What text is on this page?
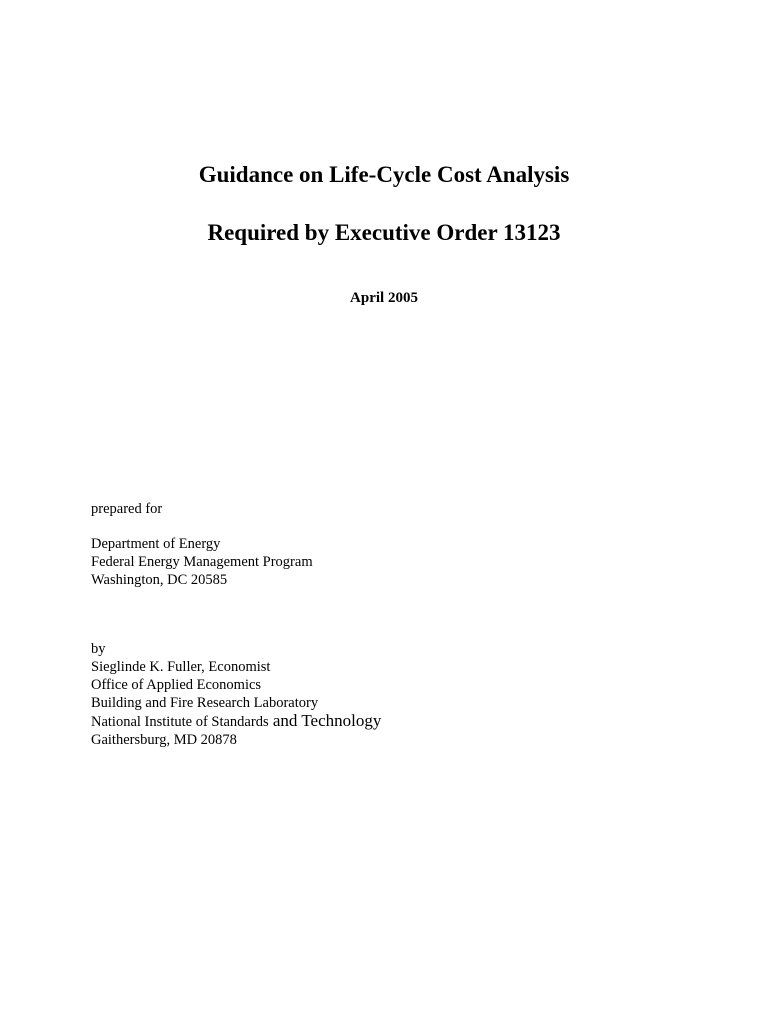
Guidance on Life-Cycle Cost Analysis
Required by Executive Order 13123
April 2005
prepared for
Department of Energy
Federal Energy Management Program
Washington, DC 20585
by
Sieglinde K. Fuller, Economist
Office of Applied Economics
Building and Fire Research Laboratory
National Institute of Standards and Technology
Gaithersburg, MD 20878
